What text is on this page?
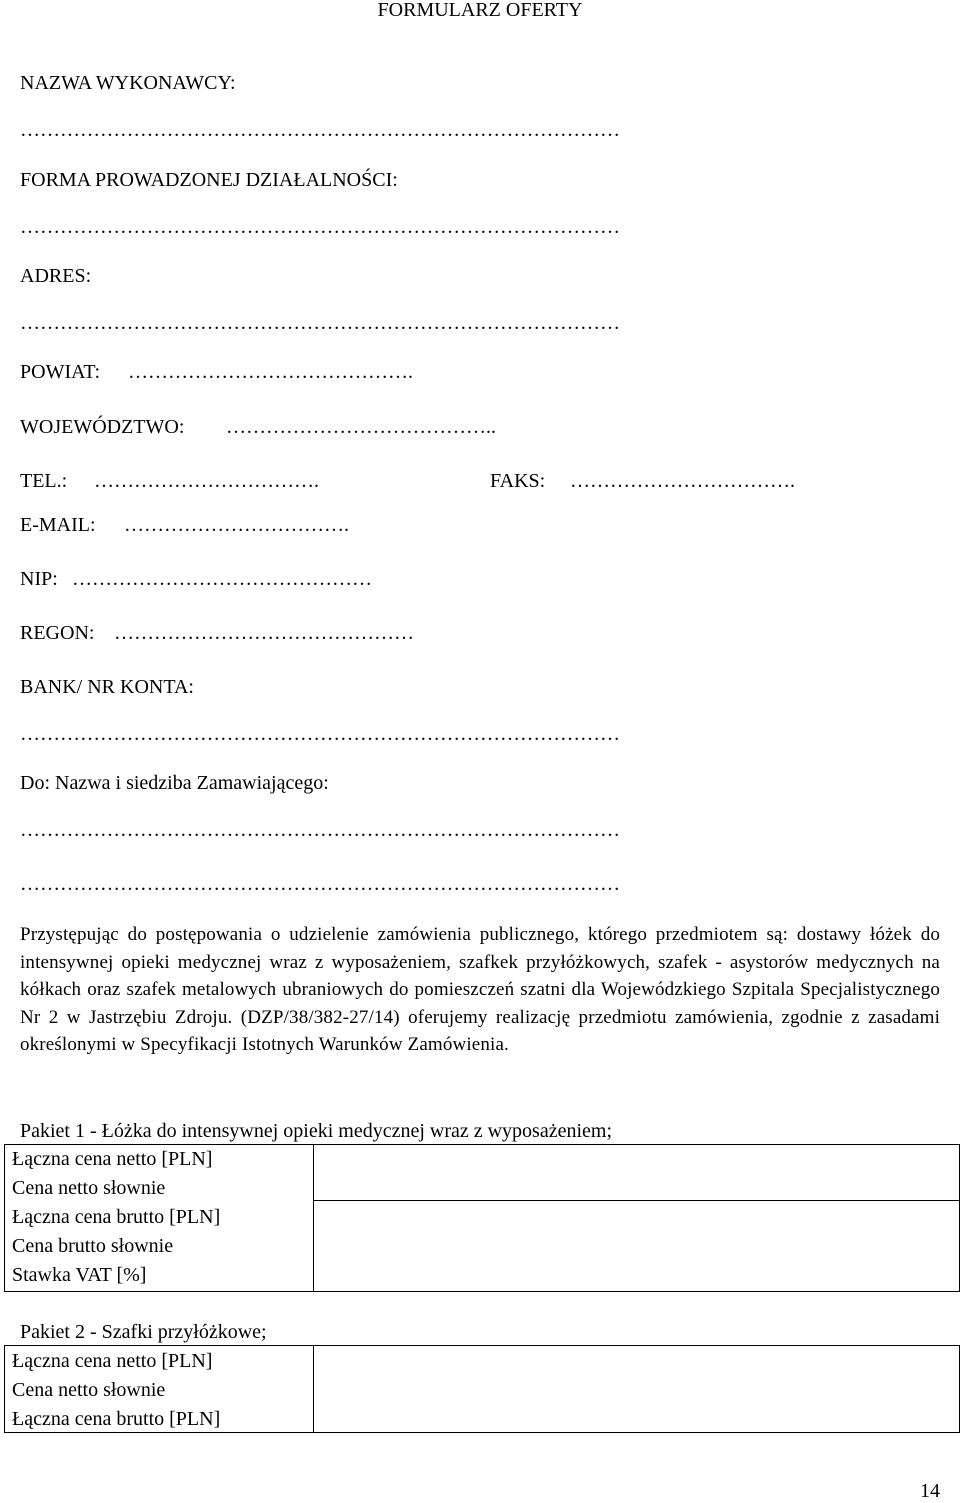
FORMULARZ OFERTY
NAZWA WYKONAWCY:
………………………………………………………………………………
FORMA PROWADZONEJ DZIAŁALNOŚCI:
………………………………………………………………………………
ADRES:
………………………………………………………………………………
POWIAT: …………………………………….
WOJEWÓDZTWO: …………………………………..
TEL.: …………………………….	FAKS: …………………………….
E-MAIL: …………………………….
NIP: ………………………………………
REGON: ………………………………………
BANK/ NR KONTA:
………………………………………………………………………………
Do: Nazwa i siedziba Zamawiającego:
………………………………………………………………………………
………………………………………………………………………………
Przystępując do postępowania o udzielenie zamówienia publicznego, którego przedmiotem są: dostawy łóżek do intensywnej opieki medycznej wraz z wyposażeniem, szafkek przyłóżkowych, szafek - asystorów medycznych na kółkach oraz szafek metalowych ubraniowych do pomieszczeń szatni dla Wojewódzkiego Szpitala Specjalistycznego Nr 2 w Jastrzębiu Zdroju. (DZP/38/382-27/14) oferujemy realizację przedmiotu zamówienia, zgodnie z zasadami określonymi w Specyfikacji Istotnych Warunków Zamówienia.
Pakiet 1 - Łóżka do intensywnej opieki medycznej wraz z wyposażeniem;
Łączna cena netto [PLN]
Cena netto słownie
Łączna cena brutto [PLN]
Cena brutto słownie
Stawka VAT [%]
Pakiet 2 - Szafki przyłóżkowe;
Łączna cena netto [PLN]
Cena netto słownie
Łączna cena brutto [PLN]
14
